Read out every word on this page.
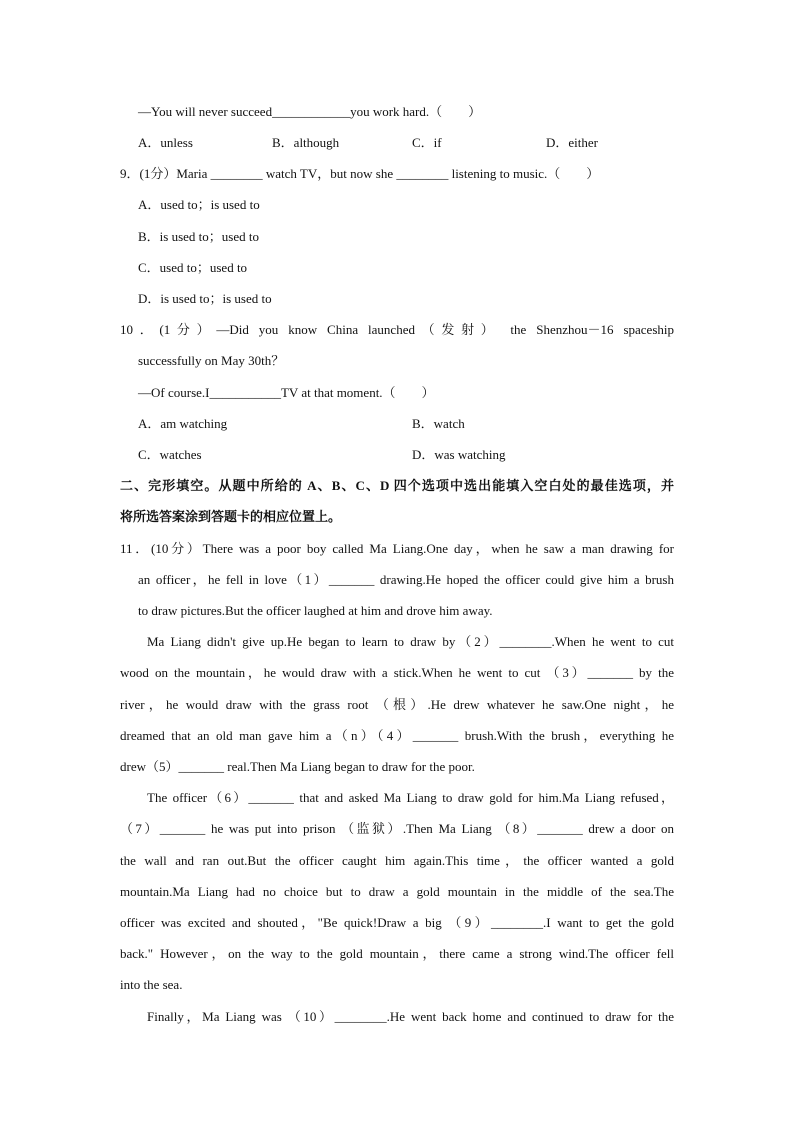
—You will never succeed____________you work hard.（　　）
A．unless	B．although	C．if	D．either
9．(1分）Maria ________ watch TV，but now she ________ listening to music.（　　）
A．used to；is used to
B．is used to；used to
C．used to；used to
D．is used to；is used to
10．(1分）—Did you know China launched（发射） the Shenzhou－16 spaceship
successfully on May 30th？
—Of course.I___________TV at that moment.（　　）
A．am watching	B．watch
C．watches	D．was watching
二、完形填空。从题中所给的 A、B、C、D 四个选项中选出能填入空白处的最佳选项，并
将所选答案涂到答题卡的相应位置上。
11．(10分）There was a poor boy called Ma Liang.One day，when he saw a man drawing for
an officer，he fell in love（1）_______ drawing.He hoped the officer could give him a brush
to draw pictures.But the officer laughed at him and drove him away.
Ma Liang didn't give up.He began to learn to draw by（2）________.When he went to cut
wood on the mountain，he would draw with a stick.When he went to cut （3）_______ by the
river，he would draw with the grass root （根）.He drew whatever he saw.One night，he
dreamed that an old man gave him a（n）（4）_______ brush.With the brush，everything he
drew（5）_______ real.Then Ma Liang began to draw for the poor.
The officer（6）_______ that and asked Ma Liang to draw gold for him.Ma Liang refused，
（7）_______ he was put into prison （监狱）.Then Ma Liang （8）_______ drew a door on
the wall and ran out.But the officer caught him again.This time，the officer wanted a gold
mountain.Ma Liang had no choice but to draw a gold mountain in the middle of the sea.The
officer was excited and shouted，"Be quick!Draw a big （9）________.I want to get the gold
back." However，on the way to the gold mountain，there came a strong wind.The officer fell
into the sea.
Finally，Ma Liang was （10）________.He went back home and continued to draw for the
